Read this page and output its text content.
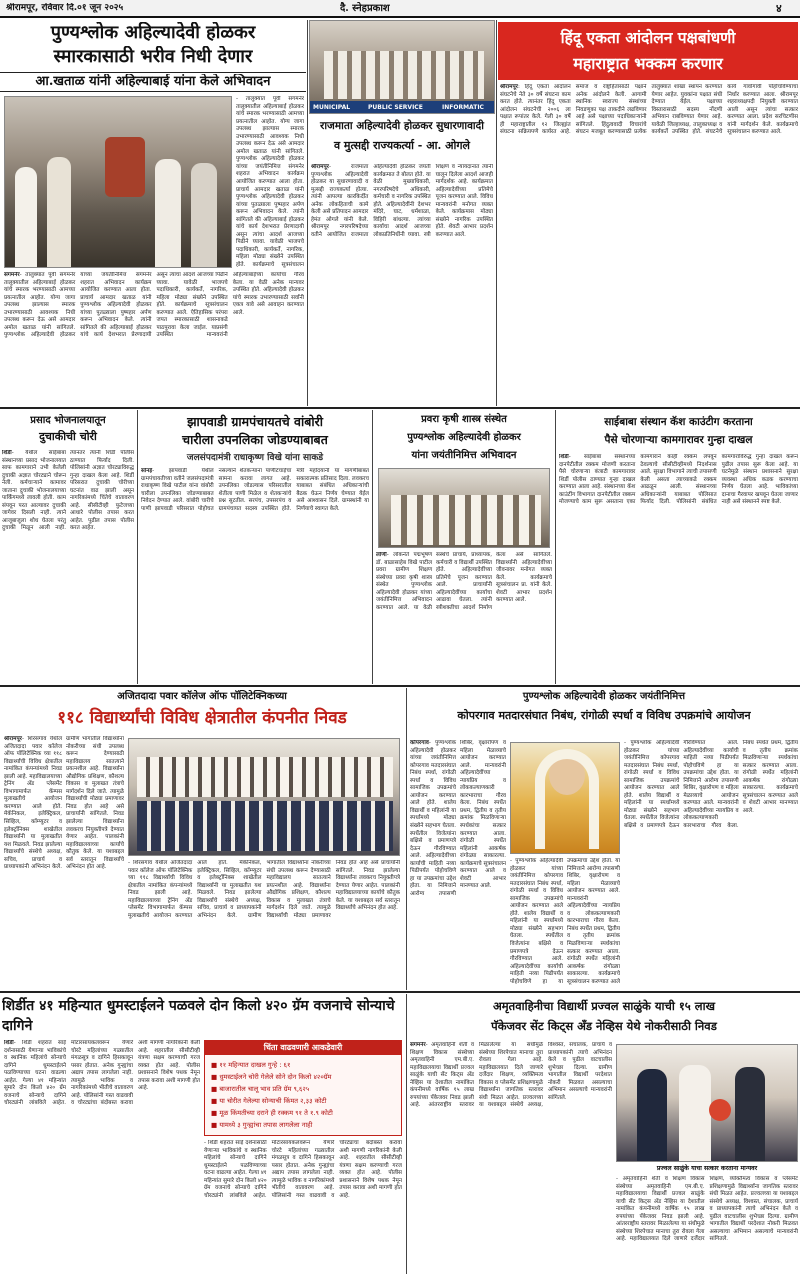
श्रीरामपूर, रविवार दि.०१ जून २०२५	दै. स्नेहप्रकाश	४
पुण्यश्लोक अहिल्यादेवी होळकर
स्मारकासाठी भरीव निधी देणार
आ.खताळ यांनी अहिल्याबाई यांना केले अभिवादन
- तालुक्यात पूर्वी संगमनेर तालुक्यातील अहिल्याबाई होळकर यांचे स्मारक भरण्यासाठी आमच्या प्रयत्नातील आहोत. योग्य जागा उपलब्ध झाल्यास स्मारक उभारण्यासाठी आवश्यक निधी उपलब्ध करून देऊ असे आमदार अमोल खताळ यांनी सांगितले. पुण्यश्लोक अहिल्यादेवी होळकर यांच्या जयंतीनिमित्त संगमनेर शहरात अभिवादन कार्यक्रम आयोजित करण्यात आला होता. प्राचार्य आमदार खताळ यांनी पुण्यश्लोक अहिल्यादेवी होळकर यांच्या पुतळ्याला पुष्पहार अर्पण करून अभिवादन केले. त्यांनी सांगितले की अहिल्याबाई होळकर यांचे कार्य देशभरात प्रेरणादायी असून त्यांचा आदर्श आजच्या पिढीने घ्यावा. यावेळी भाजपचे पदाधिकारी, कार्यकर्ते, नागरिक, महिला मोठ्या संख्येने उपस्थित होते. कार्यक्रमाचे सूत्रसंचालन
संगमनेर- तालुक्यात पूर्वी संगमनेर तालुक्यातील अहिल्याबाई होळकर यांचे स्मारक भरण्यासाठी आमच्या प्रयत्नातील आहोत. योग्य जागा उपलब्ध झाल्यास स्मारक उभारण्यासाठी आवश्यक निधी उपलब्ध करून देऊ असे आमदार अमोल खताळ यांनी सांगितले. पुण्यश्लोक अहिल्यादेवी होळकर यांच्या जयंतीनिमित्त संगमनेर शहरात अभिवादन कार्यक्रम आयोजित करण्यात आला होता. प्राचार्य आमदार खताळ यांनी पुण्यश्लोक अहिल्यादेवी होळकर यांच्या पुतळ्याला पुष्पहार अर्पण करून अभिवादन केले. त्यांनी सांगितले की अहिल्याबाई होळकर यांचे कार्य देशभरात प्रेरणादायी असून त्यांचा आदर्श आजच्या पिढीने घ्यावा. यावेळी भाजपचे पदाधिकारी, कार्यकर्ते, नागरिक, महिला मोठ्या संख्येने उपस्थित होते. कार्यक्रमाचे सूत्रसंचालन करण्यात आले. ऐतिहासिक परंपरा जपत स्मारकासाठी शासनाकडे पाठपुरावा केला जाईल. याप्रसंगी उपस्थित मान्यवरांनी अहिल्याबाईंच्या कार्याचा गौरव केला. या वेळी अनेक मान्यवर उपस्थित होते. अहिल्यादेवी होळकर यांचे स्मारक उभारण्यासाठी सर्वांनी एकत्र यावे असे आवाहन करण्यात आले.
MUNICIPAL	PUBLIC SERVICE	INFORMATIC
राजमाता अहिल्यादेवी होळकर सुधारणावादी
व मुत्सद्दी राज्यकर्त्या - आ. ओगले
श्रीरामपूर- राजमाता पुण्यश्लोक अहिल्यादेवी होळकर या सुधारणावादी व मुत्सद्दी राज्यकर्त्या होत्या. त्यांनी आपल्या कारकिर्दीत अनेक लोकहिताची कामे केली असे प्रतिपादन आमदार हेमंत ओगले यांनी केले. श्रीरामपूर नगरपरिषदेच्या वतीने आयोजित राजमाता अहिल्यादेवी होळकर जयंती कार्यक्रमात ते बोलत होते. या वेळी मुख्याधिकारी, नगरपरिषदेचे अधिकारी, कर्मचारी व नागरिक उपस्थित होते. अहिल्यादेवींनी देशभर मंदिरे, घाट, धर्मशाळा, विहिरी बांधल्या. त्यांच्या कार्याचा आदर्श आजच्या लोकप्रतिनिधींनी घ्यावा. स्त्री शिक्षण व न्यायदानात त्यांनी घालून दिलेला आदर्श आजही मार्गदर्शक आहे. कार्यक्रमात अहिल्यादेवींच्या प्रतिमेचे पूजन करण्यात आले. विविध मान्यवरांनी मनोगत व्यक्त केले. कार्यक्रमास मोठ्या संख्येने नागरिक उपस्थित होते. शेवटी आभार प्रदर्शन करण्यात आले.
हिंदू एकता आंदोलन पक्षबांधणी
महाराष्ट्रात भक्कम करणार
श्रीरामपूर: हिंदू एकता आंदोलन संघटनेचे नेते ३० वर्षे संघटना काम करत होते. त्यानंतर हिंदू एकता आंदोलन संघटनेची २००६ ला पक्षात रूपांतर केले. गेली ३० वर्षे ही महाराष्ट्रातील १२ जिल्ह्यांत संघटना सक्रियपणे कार्यरत आहे. समाज व राष्ट्रहितासाठी पक्षाने अनेक आंदोलने केली. आगामी स्थानिक स्वराज्य संस्थांच्या निवडणुका पक्ष ताकदीने लढविणार आहे असे पक्षाच्या पदाधिकाऱ्यांनी सांगितले. हिंदुत्ववादी विचारांचे संघटन मजबूत करण्यासाठी प्रत्येक तालुक्यात शाखा स्थापन करण्यात येणार आहेत. युवकांना पक्षात संधी देण्यात येईल. पक्षाच्या विस्तारासाठी सदस्य नोंदणी अभियान राबविण्यात येणार आहे. यावेळी जिल्हाध्यक्ष, तालुकाध्यक्ष व कार्यकर्ते उपस्थित होते. संघटनेचे कार्य गावोगावी पोहोचविण्याचा निर्धार करण्यात आला. श्रीरामपूर शहराध्यक्षपदी नियुक्ती करण्यात आली असून त्यांचा सत्कार करण्यात आला. प्रदेश सरचिटणीस यांनी मार्गदर्शन केले. कार्यक्रमाचे सूत्रसंचालन करण्यात आले.
प्रसाद भोजनालयातून
दुचाकीची चोरी
शिर्डी- येथील साईबाबा संस्थानच्या प्रसाद भोजनालयात साफ कामगाराने उभी केलेली दुचाकी अज्ञात चोरट्याने चोरून नेली. कर्मचाऱ्याने कामावर जाताना दुचाकी भोजनालयाच्या पार्किंगमध्ये लावली होती. काम संपवून परत आल्यावर दुचाकी जागेवर दिसली नाही. त्याने आजूबाजूला शोध घेतला परंतु दुचाकी मिळून आली नाही. त्यानंतर त्यांनी शिर्डी पोलीस ठाण्यात फिर्याद दिली. पोलिसांनी अज्ञात चोरट्याविरुद्ध गुन्हा दाखल केला आहे. शिर्डी परिसरात दुचाकी चोरीच्या घटनांत वाढ झाली असून नागरिकांमध्ये चिंतेचे वातावरण आहे. सीसीटीव्ही फुटेजच्या आधारे पोलीस तपास करत आहेत. पुढील तपास पोलीस करत आहेत.
झापवाडी ग्रामपंचायतचे वांबोरी
चारीला उपनलिका जोडण्याबाबत
जलसंपदामंत्री राधाकृष्ण विखे यांना साकडे
सोनई- झापवाडी येथील ग्रामपंचायतीच्या वतीने जलसंपदामंत्री राधाकृष्ण विखे पाटील यांना वांबोरी चारीला उपनलिका जोडण्याबाबत निवेदन देण्यात आले. वांबोरी चारीचे पाणी झापवाडी परिसरात पोहोचत नसल्याने शेतकऱ्यांना पाणीटंचाईचा सामना करावा लागत आहे. उपनलिका जोडल्यास परिसरातील शेतीला पाणी मिळेल व शेतकऱ्यांचे प्रश्न सुटतील. सरपंच, उपसरपंच व ग्रामपंचायत सदस्य उपस्थित होते. मंत्री महोदयांनी या मागणीबाबत सकारात्मक प्रतिसाद दिला. लवकरच याबाबत संबंधित अधिकाऱ्यांची बैठक घेऊन निर्णय घेण्यात येईल असे आश्वासन दिले. ग्रामस्थांनी या निर्णयाचे स्वागत केले.
प्रवरा कृषी शास्त्र संस्थेत
पुण्यश्लोक अहिल्यादेवी होळकर
यांना जयंतीनिमित्त अभिवादन
लोणी- लोकनेते पद्मभूषण डॉ. बाळासाहेब विखे पाटील प्रवरा ग्रामीण शिक्षण संस्थेच्या प्रवरा कृषी शास्त्र संस्थेत पुण्यश्लोक अहिल्यादेवी होळकर यांच्या जयंतीनिमित्त अभिवादन करण्यात आले. या वेळी संस्थेचे प्राचार्य, प्राध्यापक, कर्मचारी व विद्यार्थी उपस्थित होते. अहिल्यादेवींच्या प्रतिमेचे पूजन करण्यात आले. प्राचार्यांनी अहिल्यादेवींच्या कार्याचा आढावा घेतला. त्यांनी स्त्रीशक्तीचा आदर्श निर्माण केला असे सांगितले. विद्यार्थ्यांनी अहिल्यादेवींच्या जीवनावर मनोगत व्यक्त केले. कार्यक्रमाचे सूत्रसंचालन प्रा. यांनी केले. शेवटी आभार प्रदर्शन करण्यात आले.
साईबाबा संस्थान कॅश काउंटीग करताना
पैसे चोरणाऱ्या कामगारावर गुन्हा दाखल
शिर्डी- साईबाबा संस्थानच्या दानपेटीतील रक्कम मोजणी करताना पैसे चोरणाऱ्या कंत्राटी कामगारावर शिर्डी पोलीस ठाण्यात गुन्हा दाखल करण्यात आला आहे. संस्थानच्या कॅश काउंटींग विभागात दानपेटीतील रक्कम मोजण्याचे काम सुरू असताना एका कामगाराने काही रक्कम लपवून ठेवल्याचे सीसीटीव्हीमध्ये निदर्शनास आले. सुरक्षा विभागाने त्याची तपासणी केली असता त्याच्याकडे रक्कम आढळून आली. संस्थानच्या अधिकाऱ्यांनी याबाबत पोलिसात फिर्याद दिली. पोलिसांनी संबंधित कामगाराविरुद्ध गुन्हा दाखल करून पुढील तपास सुरू केला आहे. या घटनेमुळे संस्थान प्रशासनाने सुरक्षा व्यवस्था अधिक कडक करण्याचा निर्णय घेतला आहे. भाविकांच्या दानाचा गैरवापर खपवून घेतला जाणार नाही असे संस्थानने स्पष्ट केले.
अजितदादा पवार कॉलेज ऑफ पॉलिटेक्निकच्या
११८ विद्यार्थ्यांची विविध क्षेत्रातील कंपनीत निवड
श्रीरामपूर- शिरसगाव येथील अजितदादा पवार कॉलेज ऑफ पॉलिटेक्निक च्या ११८ विद्यार्थ्यांची विविध क्षेत्रातील नामांकित कंपन्यांमध्ये निवड झाली आहे. महाविद्यालयाच्या ट्रेनिंग अँड प्लेसमेंट विभागामार्फत कॅम्पस मुलाखतीचे आयोजन करण्यात आले होते. मेकॅनिकल, इलेक्ट्रिकल, सिव्हिल, कॉम्प्युटर व इलेक्ट्रॉनिक्स शाखेतील विद्यार्थ्यांनी या मुलाखतीत यश मिळवले. निवड झालेल्या विद्यार्थ्यांचे संस्थेचे अध्यक्ष, सचिव, प्राचार्य व प्राध्यापकांनी अभिनंदन केले. ग्रामीण भागातील विद्यार्थ्यांना नोकरीच्या संधी उपलब्ध करून देण्यासाठी महाविद्यालय सातत्याने प्रयत्नशील आहे. विद्यार्थ्यांना औद्योगिक प्रशिक्षण, कौशल्य विकास व मुलाखत तंत्राचे मार्गदर्शन दिले जाते. त्यामुळे विद्यार्थ्यांची मोठ्या प्रमाणावर निवड होत आहे असे प्राचार्यांनी सांगितले. निवड झालेल्या विद्यार्थ्यांना लवकरच नियुक्तीपत्रे देण्यात येणार आहेत. पालकांनी महाविद्यालयाच्या कार्याचे कौतुक केले. या यशाबद्दल सर्व स्तरातून विद्यार्थ्यांचे अभिनंदन होत आहे.
- शिरसगाव येथील अजितदादा पवार कॉलेज ऑफ पॉलिटेक्निक च्या ११८ विद्यार्थ्यांची विविध क्षेत्रातील नामांकित कंपन्यांमध्ये निवड झाली आहे. महाविद्यालयाच्या ट्रेनिंग अँड प्लेसमेंट विभागामार्फत कॅम्पस मुलाखतीचे आयोजन करण्यात आले होते. मेकॅनिकल, इलेक्ट्रिकल, सिव्हिल, कॉम्प्युटर व इलेक्ट्रॉनिक्स शाखेतील विद्यार्थ्यांनी या मुलाखतीत यश मिळवले. निवड झालेल्या विद्यार्थ्यांचे संस्थेचे अध्यक्ष, सचिव, प्राचार्य व प्राध्यापकांनी अभिनंदन केले. ग्रामीण भागातील विद्यार्थ्यांना नोकरीच्या संधी उपलब्ध करून देण्यासाठी महाविद्यालय सातत्याने प्रयत्नशील आहे. विद्यार्थ्यांना औद्योगिक प्रशिक्षण, कौशल्य विकास व मुलाखत तंत्राचे मार्गदर्शन दिले जाते. त्यामुळे विद्यार्थ्यांची मोठ्या प्रमाणावर निवड होत आहे असे प्राचार्यांनी सांगितले. निवड झालेल्या विद्यार्थ्यांना लवकरच नियुक्तीपत्रे देण्यात येणार आहेत. पालकांनी महाविद्यालयाच्या कार्याचे कौतुक केले. या यशाबद्दल सर्व स्तरातून विद्यार्थ्यांचे अभिनंदन होत आहे.
पुण्यश्लोक अहिल्यादेवी होळकर जयंतीनिमित्त
कोपरगाव मतदारसंघात निबंध, रांगोळी स्पर्धा व विविध उपक्रमांचे आयोजन
कोपरगाव- पुण्यश्लोक अहिल्यादेवी होळकर यांच्या जयंतीनिमित्त कोपरगाव मतदारसंघात निबंध स्पर्धा, रांगोळी स्पर्धा व विविध सामाजिक उपक्रमांचे आयोजन करण्यात आले होते. शालेय विद्यार्थी व महिलांनी या स्पर्धांमध्ये मोठ्या संख्येने सहभाग घेतला. स्पर्धेतील विजेत्यांना बक्षिसे व प्रमाणपत्रे देऊन गौरविण्यात आले. अहिल्यादेवींच्या कार्याची माहिती नव्या पिढीपर्यंत पोहोचविणे हा या उपक्रमांचा उद्देश होता. या निमित्ताने आरोग्य तपासणी शिबिर, वृक्षारोपण व महिला मेळाव्याचे आयोजन करण्यात आले. मान्यवरांनी अहिल्यादेवींच्या न्यायप्रिय व लोककल्याणकारी कारभाराचा गौरव केला. निबंध स्पर्धेत प्रथम, द्वितीय व तृतीय क्रमांक मिळविणाऱ्या स्पर्धकांचा सत्कार करण्यात आला. रांगोळी स्पर्धेत महिलांनी आकर्षक रांगोळ्या साकारल्या. कार्यक्रमाचे सूत्रसंचालन करण्यात आले व शेवटी आभार मानण्यात आले.
- पुण्यश्लोक अहिल्यादेवी होळकर यांच्या जयंतीनिमित्त कोपरगाव मतदारसंघात निबंध स्पर्धा, रांगोळी स्पर्धा व विविध सामाजिक उपक्रमांचे आयोजन करण्यात आले होते. शालेय विद्यार्थी व महिलांनी या स्पर्धांमध्ये मोठ्या संख्येने सहभाग घेतला. स्पर्धेतील विजेत्यांना बक्षिसे व प्रमाणपत्रे देऊन गौरविण्यात आले. अहिल्यादेवींच्या कार्याची माहिती नव्या पिढीपर्यंत पोहोचविणे हा या उपक्रमांचा उद्देश होता. या निमित्ताने आरोग्य तपासणी शिबिर, वृक्षारोपण व महिला मेळाव्याचे आयोजन करण्यात आले. मान्यवरांनी अहिल्यादेवींच्या न्यायप्रिय व लोककल्याणकारी कारभाराचा गौरव केला. निबंध स्पर्धेत प्रथम, द्वितीय व तृतीय क्रमांक मिळविणाऱ्या स्पर्धकांचा सत्कार करण्यात आला. रांगोळी स्पर्धेत महिलांनी आकर्षक रांगोळ्या साकारल्या. कार्यक्रमाचे सूत्रसंचालन करण्यात आले
- पुण्यश्लोक अहिल्यादेवी होळकर यांच्या जयंतीनिमित्त कोपरगाव मतदारसंघात निबंध स्पर्धा, रांगोळी स्पर्धा व विविध सामाजिक उपक्रमांचे आयोजन करण्यात आले होते. शालेय विद्यार्थी व महिलांनी या स्पर्धांमध्ये मोठ्या संख्येने सहभाग घेतला. स्पर्धेतील विजेत्यांना बक्षिसे व प्रमाणपत्रे देऊन गौरविण्यात आले. अहिल्यादेवींच्या कार्याची माहिती नव्या पिढीपर्यंत पोहोचविणे हा या उपक्रमांचा उद्देश होता. या निमित्ताने आरोग्य तपासणी शिबिर, वृक्षारोपण व महिला मेळाव्याचे आयोजन करण्यात आले. मान्यवरांनी अहिल्यादेवींच्या न्यायप्रिय व लोककल्याणकारी कारभाराचा गौरव केला. निबंध स्पर्धेत प्रथम, द्वितीय व तृतीय क्रमांक मिळविणाऱ्या स्पर्धकांचा सत्कार करण्यात आला. रांगोळी स्पर्धेत महिलांनी आकर्षक रांगोळ्या साकारल्या. कार्यक्रमाचे सूत्रसंचालन करण्यात आले व शेवटी आभार मानण्यात आले.
शिर्डीत ४१ महिन्यात धुमस्टाईलने पळवले दोन किलो ४२० ग्रॅम वजनाचे सोन्याचे दागिने
शिर्डी- शिर्डी शहरात साई दर्शनासाठी येणाऱ्या भाविकांचे व स्थानिक महिलांचे सोन्याचे दागिने धुमस्टाईलने पळविण्याच्या घटना वाढल्या आहेत. गेल्या ४१ महिन्यांत सुमारे दोन किलो ४२० ग्रॅम वजनाचे सोन्याचे दागिने चोरट्यांनी लांबविले आहेत. मोटारसायकलवरून येणारे चोरटे महिलांच्या गळ्यातील मंगळसूत्र व दागिने हिसकावून पसार होतात. अनेक गुन्ह्यांचा अद्याप तपास लागलेला नाही. त्यामुळे भाविक व नागरिकांमध्ये भीतीचे वातावरण आहे. पोलिसांनी गस्त वाढवावी व चोरट्यांचा बंदोबस्त करावा अशी मागणी नागरिकांनी केली आहे. शहरातील सीसीटीव्ही यंत्रणा सक्षम करण्याची गरज व्यक्त होत आहे. पोलीस प्रशासनाने विशेष पथक नेमून तपास करावा अशी मागणी होत आहे.
चिंता वाढवणारी आकडेवारी
■ ११ महिन्यात दाखल गुन्हे : ६१
■ धुमस्टाईलने चोरी गेलेले सोने दोन किलो ४२०ग्रॅम
■ बाजारातील चालू भाव प्रति ग्रॅम ९,६२५
■ या चोरीत गेलेल्या सोन्याची किंमत २,३३ कोटी
■ मूळ किंमतीच्या दराने ही रक्कम ९१ ते १.९ कोटी
■ यामध्ये ३ गुन्ह्यांचा तपास लागलेला नाही
- शिर्डी शहरात साई दर्शनासाठी येणाऱ्या भाविकांचे व स्थानिक महिलांचे सोन्याचे दागिने धुमस्टाईलने पळविण्याच्या घटना वाढल्या आहेत. गेल्या ४१ महिन्यांत सुमारे दोन किलो ४२० ग्रॅम वजनाचे सोन्याचे दागिने चोरट्यांनी लांबविले आहेत. मोटारसायकलवरून येणारे चोरटे महिलांच्या गळ्यातील मंगळसूत्र व दागिने हिसकावून पसार होतात. अनेक गुन्ह्यांचा अद्याप तपास लागलेला नाही. त्यामुळे भाविक व नागरिकांमध्ये भीतीचे वातावरण आहे. पोलिसांनी गस्त वाढवावी व चोरट्यांचा बंदोबस्त करावा अशी मागणी नागरिकांनी केली आहे. शहरातील सीसीटीव्ही यंत्रणा सक्षम करण्याची गरज व्यक्त होत आहे. पोलीस प्रशासनाने विशेष पथक नेमून तपास करावा अशी मागणी होत आहे.
अमृतवाहिनीचा विद्यार्थी प्रज्वल साळुंके याची १५ लाख
पॅकेजवर सेंट किट्स अँड नेव्हिस येथे नोकरीसाठी निवड
संगमनेर- अमृतवाहिनी शेती व शिक्षण विकास संस्थेच्या अमृतवाहिनी एम.बी.ए. महाविद्यालयाचा विद्यार्थी प्रज्वल साळुंके याची सेंट किट्स अँड नेव्हिस या देशातील नामांकित कंपनीमध्ये वार्षिक १५ लाख रुपयांच्या पॅकेजवर निवड झाली आहे. आंतरराष्ट्रीय स्तरावर मिळालेल्या या संधीमुळे संस्थेच्या शिरपेचात मानाचा तुरा रोवला गेला आहे. महाविद्यालयात दिले जाणारे दर्जेदार शिक्षण, व्यक्तिमत्व विकास व प्लेसमेंट प्रशिक्षणामुळे विद्यार्थ्यांना जागतिक स्तरावर संधी मिळत आहेत. प्रज्वलच्या या यशाबद्दल संस्थेचे अध्यक्ष, विश्वस्त, संचालक, प्राचार्य व प्राध्यापकांनी त्याचे अभिनंदन केले व पुढील वाटचालीस शुभेच्छा दिल्या. ग्रामीण भागातील विद्यार्थी परदेशात नोकरी मिळवत असल्याचा अभिमान असल्याचे मान्यवरांनी सांगितले.
प्रज्वल साळुंके याचा सत्कार करताना मान्यवर
- अमृतवाहिनी शेती व शिक्षण विकास संस्थेच्या अमृतवाहिनी एम.बी.ए. महाविद्यालयाचा विद्यार्थी प्रज्वल साळुंके याची सेंट किट्स अँड नेव्हिस या देशातील नामांकित कंपनीमध्ये वार्षिक १५ लाख रुपयांच्या पॅकेजवर निवड झाली आहे. आंतरराष्ट्रीय स्तरावर मिळालेल्या या संधीमुळे संस्थेच्या शिरपेचात मानाचा तुरा रोवला गेला आहे. महाविद्यालयात दिले जाणारे दर्जेदार शिक्षण, व्यक्तिमत्व विकास व प्लेसमेंट प्रशिक्षणामुळे विद्यार्थ्यांना जागतिक स्तरावर संधी मिळत आहेत. प्रज्वलच्या या यशाबद्दल संस्थेचे अध्यक्ष, विश्वस्त, संचालक, प्राचार्य व प्राध्यापकांनी त्याचे अभिनंदन केले व पुढील वाटचालीस शुभेच्छा दिल्या. ग्रामीण भागातील विद्यार्थी परदेशात नोकरी मिळवत असल्याचा अभिमान असल्याचे मान्यवरांनी सांगितले.
